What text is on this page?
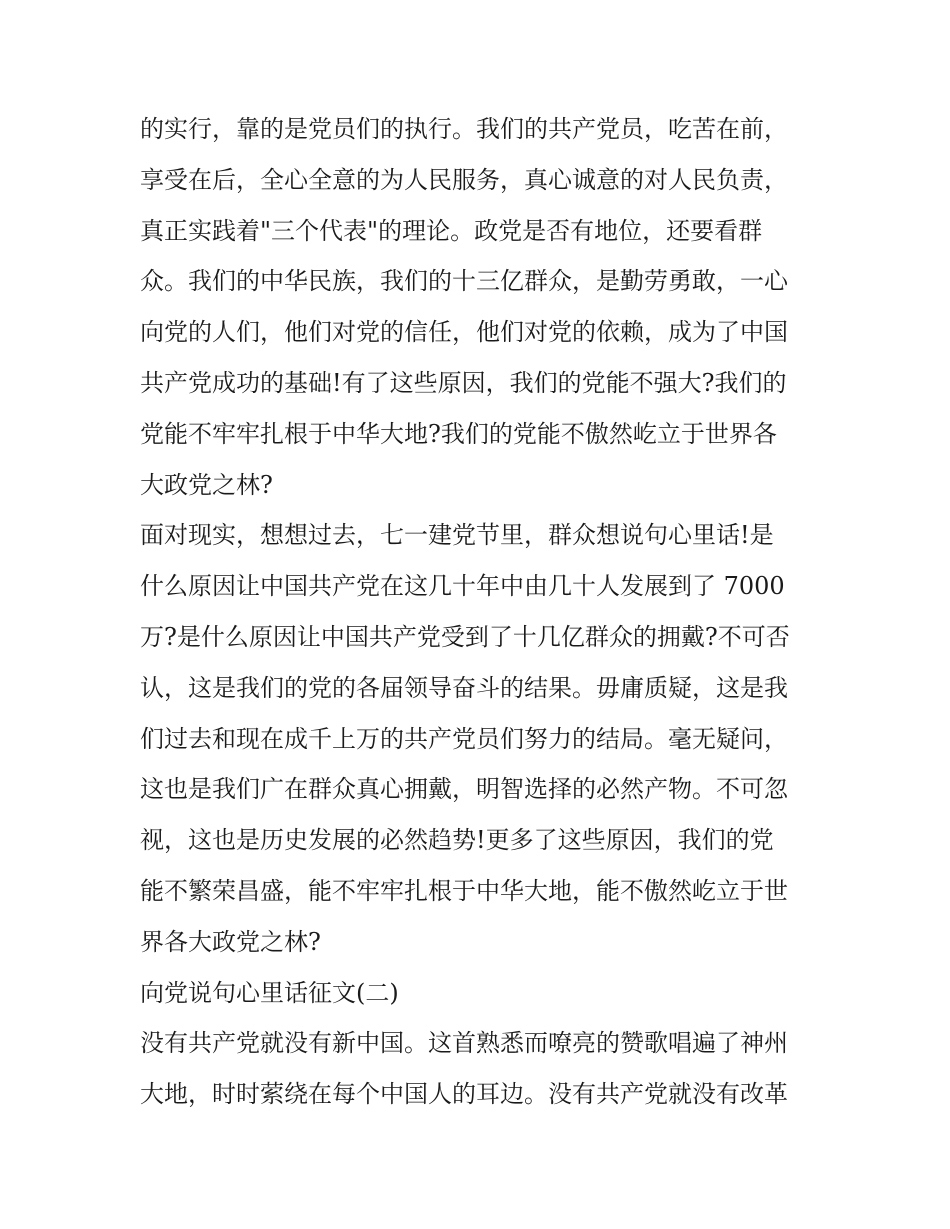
的实行，靠的是党员们的执行。我们的共产党员，吃苦在前，
享受在后，全心全意的为人民服务，真心诚意的对人民负责，
真正实践着"三个代表"的理论。政党是否有地位，还要看群
众。我们的中华民族，我们的十三亿群众，是勤劳勇敢，一心
向党的人们，他们对党的信任，他们对党的依赖，成为了中国
共产党成功的基础!有了这些原因，我们的党能不强大?我们的
党能不牢牢扎根于中华大地?我们的党能不傲然屹立于世界各
大政党之林?
面对现实，想想过去，七一建党节里，群众想说句心里话!是
什么原因让中国共产党在这几十年中由几十人发展到了 7000
万?是什么原因让中国共产党受到了十几亿群众的拥戴?不可否
认，这是我们的党的各届领导奋斗的结果。毋庸质疑，这是我
们过去和现在成千上万的共产党员们努力的结局。毫无疑问，
这也是我们广在群众真心拥戴，明智选择的必然产物。不可忽
视，这也是历史发展的必然趋势!更多了这些原因，我们的党
能不繁荣昌盛，能不牢牢扎根于中华大地，能不傲然屹立于世
界各大政党之林?
向党说句心里话征文(二)
没有共产党就没有新中国。这首熟悉而嘹亮的赞歌唱遍了神州
大地，时时萦绕在每个中国人的耳边。没有共产党就没有改革
